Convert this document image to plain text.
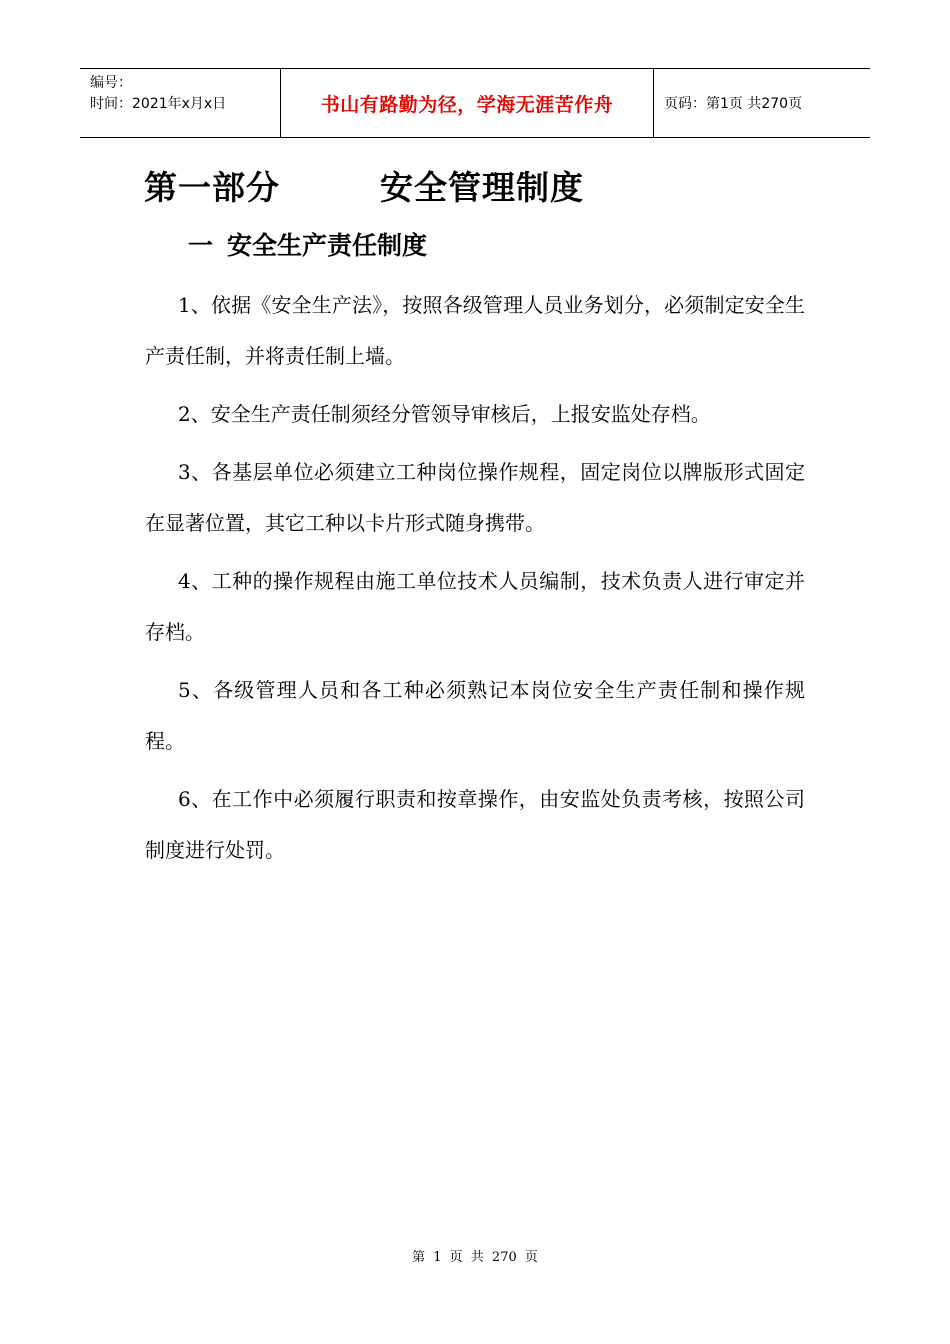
编号：
时间：2021年x月x日	书山有路勤为径，学海无涯苦作舟	页码：第1页 共270页
第一部分	安全管理制度
一 安全生产责任制度

1、依据《安全生产法》，按照各级管理人员业务划分，必须制定安全生产责任制，并将责任制上墙。

2、安全生产责任制须经分管领导审核后，上报安监处存档。

3、各基层单位必须建立工种岗位操作规程，固定岗位以牌版形式固定在显著位置，其它工种以卡片形式随身携带。

4、工种的操作规程由施工单位技术人员编制，技术负责人进行审定并存档。

5、各级管理人员和各工种必须熟记本岗位安全生产责任制和操作规程。

6、在工作中必须履行职责和按章操作，由安监处负责考核，按照公司制度进行处罚。

第 1 页 共 270 页
